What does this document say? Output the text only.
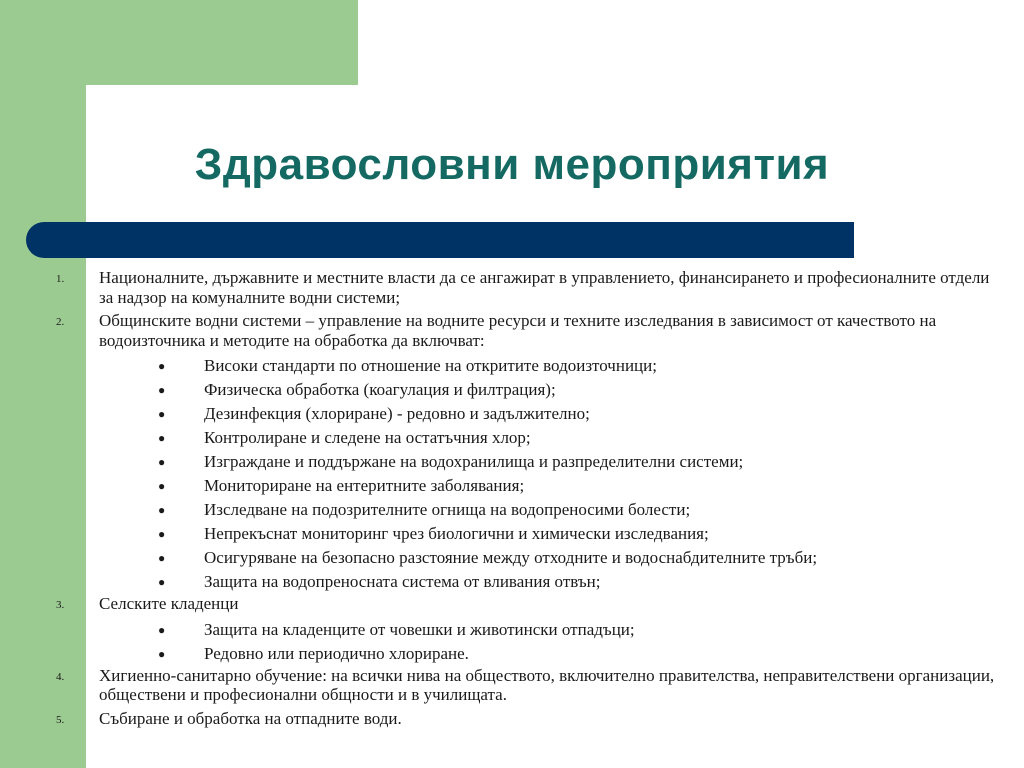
Здравословни мероприятия
1. Националните, държавните и местните власти да се ангажират в управлението, финансирането и професионалните отдели за надзор на комуналните водни системи;
2. Общинските водни системи – управление на водните ресурси и техните изследвания в зависимост от качеството на водоизточника и методите на обработка да включват:
● Високи стандарти по отношение на откритите водоизточници;
● Физическа обработка (коагулация и филтрация);
● Дезинфекция (хлориране) - редовно и задължително;
● Контролиране и следене на остатъчния хлор;
● Изграждане и поддържане на водохранилища и разпределителни системи;
● Мониториране на ентеритните заболявания;
● Изследване на подозрителните огнища на водопреносими болести;
● Непрекъснат мониторинг чрез биологични и химически изследвания;
● Осигуряване на безопасно разстояние между отходните и водоснабдителните тръби;
● Защита на водопреносната система от вливания отвън;
3. Селските кладенци
● Защита на кладенците от човешки и животински отпадъци;
● Редовно или периодично хлориране.
4. Хигиенно-санитарно обучение: на всички нива на обществото, включително правителства, неправителствени организации, обществени и професионални общности и в училищата.
5. Събиране и обработка на отпадните води.
